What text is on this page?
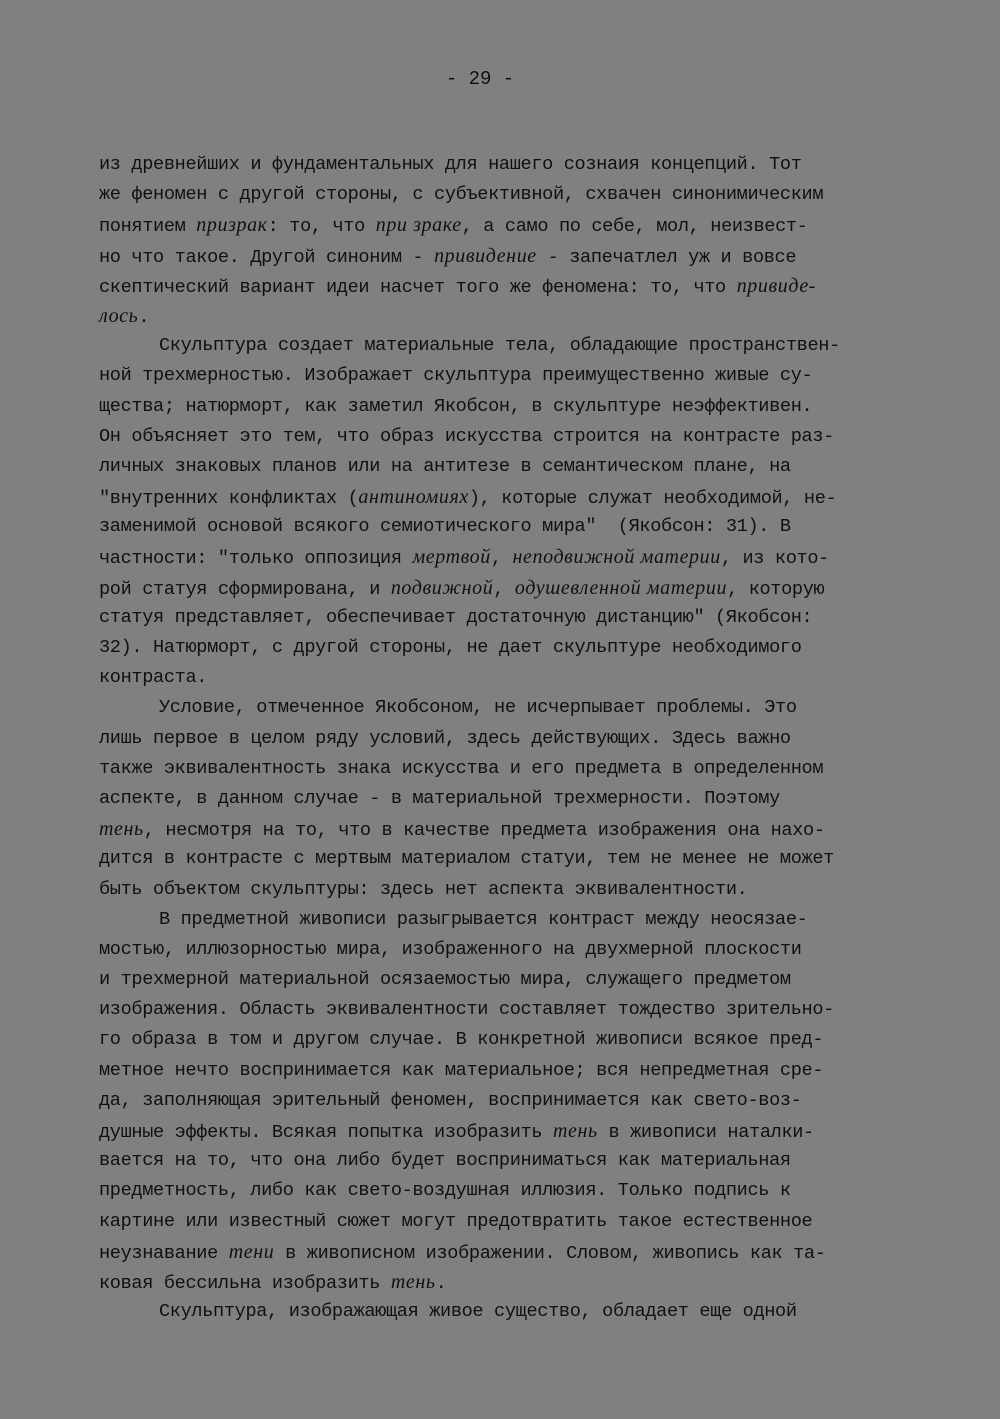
- 29 -
из древнейших и фундаментальных для нашего сознаия концепций. Тот
же феномен с другой стороны, с субъективной, схвачен синонимическим
понятием призрак: то, что при зраке, а само по себе, мол, неизвест-
но что такое. Другой синоним - привидение - запечатлел уж и вовсе
скептический вариант идеи насчет того же феномена: то, что привиде-
лось.
Скульптура создает материальные тела, обладающие пространствен-
ной трехмерностью. Изображает скульптура преимущественно живые су-
щества; натюрморт, как заметил Якобсон, в скульптуре неэффективен.
Он объясняет это тем, что образ искусства строится на контрасте раз-
личных знаковых планов или на антитезе в семантическом плане, на
"внутренних конфликтах (антиномиях), которые служат необходимой, не-
заменимой основой всякого семиотического мира"  (Якобсон: 31). В
частности: "только оппозиция мертвой, неподвижной материи, из кото-
рой статуя сформирована, и подвижной, одушевленной материи, которую
статуя представляет, обеспечивает достаточную дистанцию" (Якобсон:
32). Натюрморт, с другой стороны, не дает скульптуре необходимого
контраста.
Условие, отмеченное Якобсоном, не исчерпывает проблемы. Это
лишь первое в целом ряду условий, здесь действующих. Здесь важно
также эквивалентность знака искусства и его предмета в определенном
аспекте, в данном случае - в материальной трехмерности. Поэтому
тень, несмотря на то, что в качестве предмета изображения она нахо-
дится в контрасте с мертвым материалом статуи, тем не менее не может
быть объектом скульптуры: здесь нет аспекта эквивалентности.
В предметной живописи разыгрывается контраст между неосязае-
мостью, иллюзорностью мира, изображенного на двухмерной плоскости
и трехмерной материальной осязаемостью мира, служащего предметом
изображения. Область эквивалентности составляет тождество зрительно-
го образа в том и другом случае. В конкретной живописи всякое пред-
метное нечто воспринимается как материальное; вся непредметная сре-
да, заполняющая эрительный феномен, воспринимается как свето-воз-
душные эффекты. Всякая попытка изобразить тень в живописи наталки-
вается на то, что она либо будет восприниматься как материальная
предметность, либо как свето-воздушная иллюзия. Только подпись к
картине или известный сюжет могут предотвратить такое естественное
неузнавание тени в живописном изображении. Словом, живопись как та-
ковая бессильна изобразить тень.
Скульптура, изображающая живое существо, обладает еще одной
